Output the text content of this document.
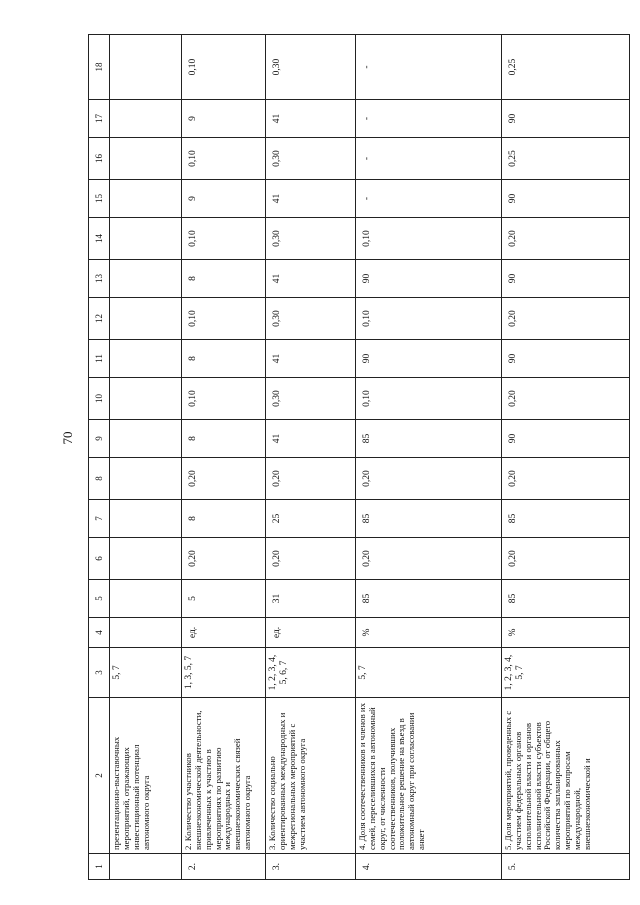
70
1	2	3	4	5	6	7	8	9	10	11	12	13	14	15	16	17	18
	презентационно-выставочных мероприятий, отражающих инвестиционный потенциал автономного округа	5, 7															
2.	2. Количество участников внешнеэкономической деятельности, привлеченных к участию в мероприятиях по развитию международных и внешнеэкономических связей автономного округа	1, 3, 5, 7	ед.	5	0,20	8	0,20	8	0,10	8	0,10	8	0,10	9	0,10	9	0,10
3.	3. Количество социально ориентированных международных и межрегиональных мероприятий с участием автономного округа	1, 2, 3, 4, 5, 6, 7	ед.	31	0,20	25	0,20	41	0,30	41	0,30	41	0,30	41	0,30	41	0,30
4.	4. Доля соотечественников и членов их семей, переселившихся в автономный округ, от численности соотечественников, получивших положительное решение на въезд в автономный округ при согласовании анкет	5, 7	%	85	0,20	85	0,20	85	0,10	90	0,10	90	0,10	-	-	-	-
5.	5. Доля мероприятий, проведенных с участием федеральных органов исполнительной власти и органов исполнительной власти субъектов Российской Федерации, от общего количества запланированных мероприятий по вопросам международной, внешнеэкономической и	1, 2, 3, 4, 5, 7	%	85	0,20	85	0,20	90	0,20	90	0,20	90	0,20	90	0,25	90	0,25
